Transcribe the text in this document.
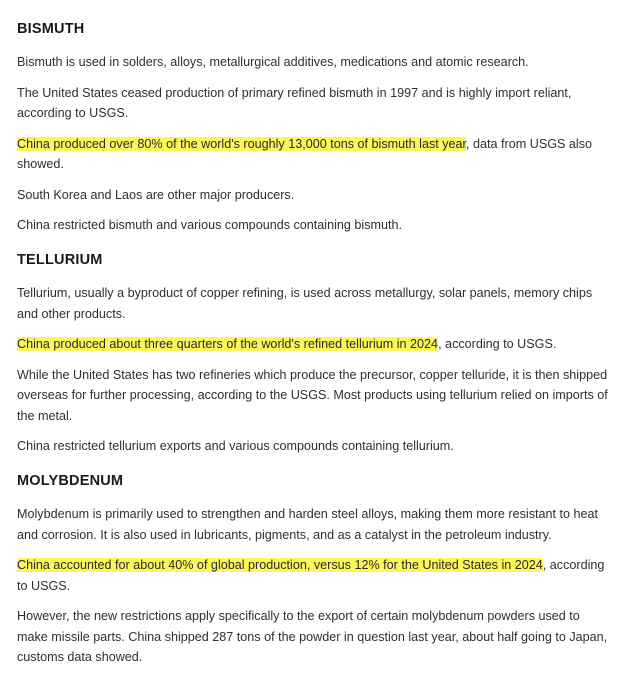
BISMUTH

Bismuth is used in solders, alloys, metallurgical additives, medications and atomic research.

The United States ceased production of primary refined bismuth in 1997 and is highly import reliant, according to USGS.

China produced over 80% of the world's roughly 13,000 tons of bismuth last year, data from USGS also showed.

South Korea and Laos are other major producers.

China restricted bismuth and various compounds containing bismuth.

TELLURIUM

Tellurium, usually a byproduct of copper refining, is used across metallurgy, solar panels, memory chips and other products.

China produced about three quarters of the world's refined tellurium in 2024, according to USGS.

While the United States has two refineries which produce the precursor, copper telluride, it is then shipped overseas for further processing, according to the USGS. Most products using tellurium relied on imports of the metal.

China restricted tellurium exports and various compounds containing tellurium.

MOLYBDENUM

Molybdenum is primarily used to strengthen and harden steel alloys, making them more resistant to heat and corrosion. It is also used in lubricants, pigments, and as a catalyst in the petroleum industry.

China accounted for about 40% of global production, versus 12% for the United States in 2024, according to USGS.

However, the new restrictions apply specifically to the export of certain molybdenum powders used to make missile parts. China shipped 287 tons of the powder in question last year, about half going to Japan, customs data showed.
